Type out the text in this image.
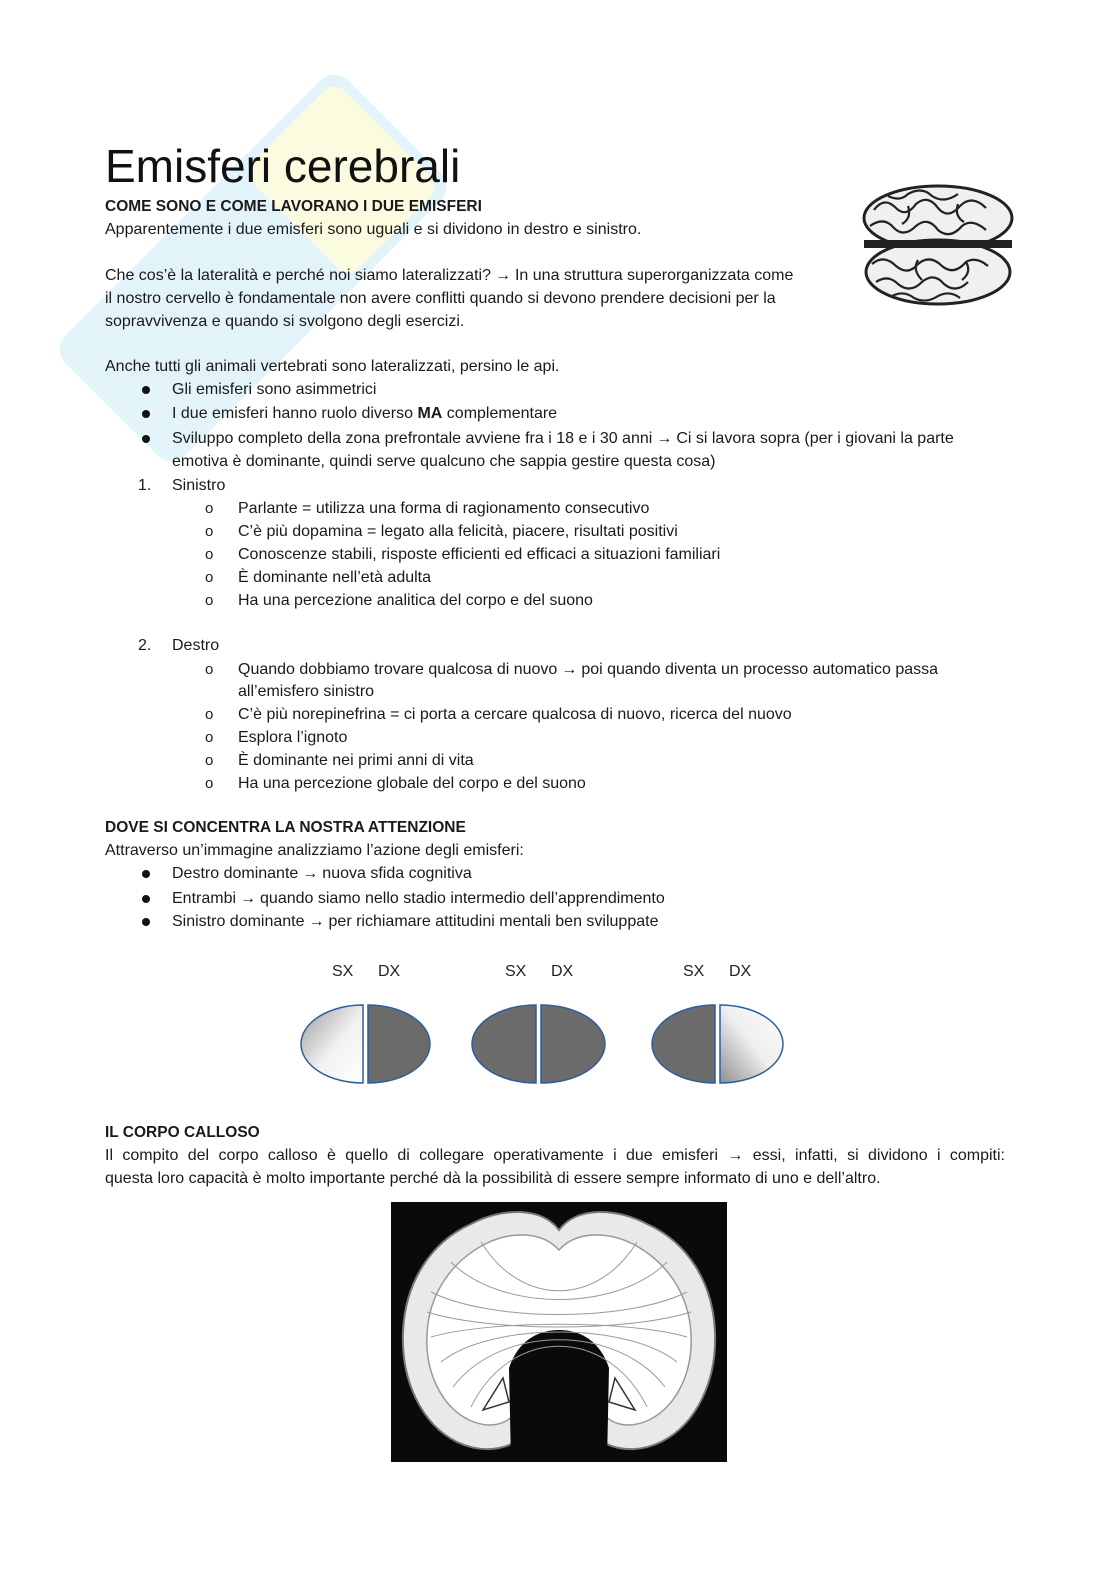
Emisferi cerebrali
COME SONO E COME LAVORANO I DUE EMISFERI
Apparentemente i due emisferi sono uguali e si dividono in destro e sinistro.
Che cos’è la lateralità e perché noi siamo lateralizzati? → In una struttura superorganizzata come
il nostro cervello è fondamentale non avere conflitti quando si devono prendere decisioni per la
sopravvivenza e quando si svolgono degli esercizi.
Anche tutti gli animali vertebrati sono lateralizzati, persino le api.
Gli emisferi sono asimmetrici
I due emisferi hanno ruolo diverso MA complementare
Sviluppo completo della zona prefrontale avviene fra i 18 e i 30 anni → Ci si lavora sopra (per i giovani la parte
emotiva è dominante, quindi serve qualcuno che sappia gestire questa cosa)
1. Sinistro
o Parlante = utilizza una forma di ragionamento consecutivo
o C’è più dopamina = legato alla felicità, piacere, risultati positivi
o Conoscenze stabili, risposte efficienti ed efficaci a situazioni familiari
o È dominante nell’età adulta
o Ha una percezione analitica del corpo e del suono
2. Destro
o Quando dobbiamo trovare qualcosa di nuovo → poi quando diventa un processo automatico passa
all’emisfero sinistro
o C’è più norepinefrina = ci porta a cercare qualcosa di nuovo, ricerca del nuovo
o Esplora l’ignoto
o È dominante nei primi anni di vita
o Ha una percezione globale del corpo e del suono
DOVE SI CONCENTRA LA NOSTRA ATTENZIONE
Attraverso un’immagine analizziamo l’azione degli emisferi:
Destro dominante → nuova sfida cognitiva
Entrambi → quando siamo nello stadio intermedio dell’apprendimento
Sinistro dominante → per richiamare attitudini mentali ben sviluppate
SX DX	SX DX	SX DX
IL CORPO CALLOSO
Il compito del corpo calloso è quello di collegare operativamente i due emisferi → essi, infatti, si dividono i compiti:
questa loro capacità è molto importante perché dà la possibilità di essere sempre informato di uno e dell’altro.
